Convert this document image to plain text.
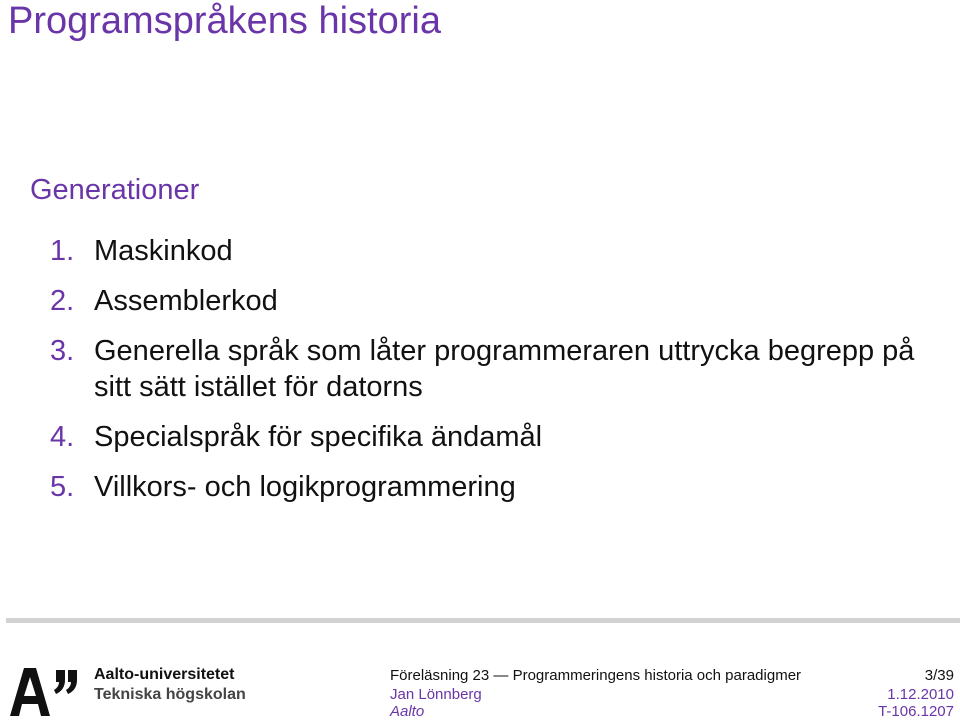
Programspråkens historia
Generationer
1. Maskinkod
2. Assemblerkod
3. Generella språk som låter programmeraren uttrycka begrepp på sitt sätt istället för datorns
4. Specialspråk för specifika ändamål
5. Villkors- och logikprogrammering
Aalto-universitetet
Tekniska högskolan
Föreläsning 23 — Programmeringens historia och paradigmer
Jan Lönnberg
Aalto
3/39
1.12.2010
T-106.1207
